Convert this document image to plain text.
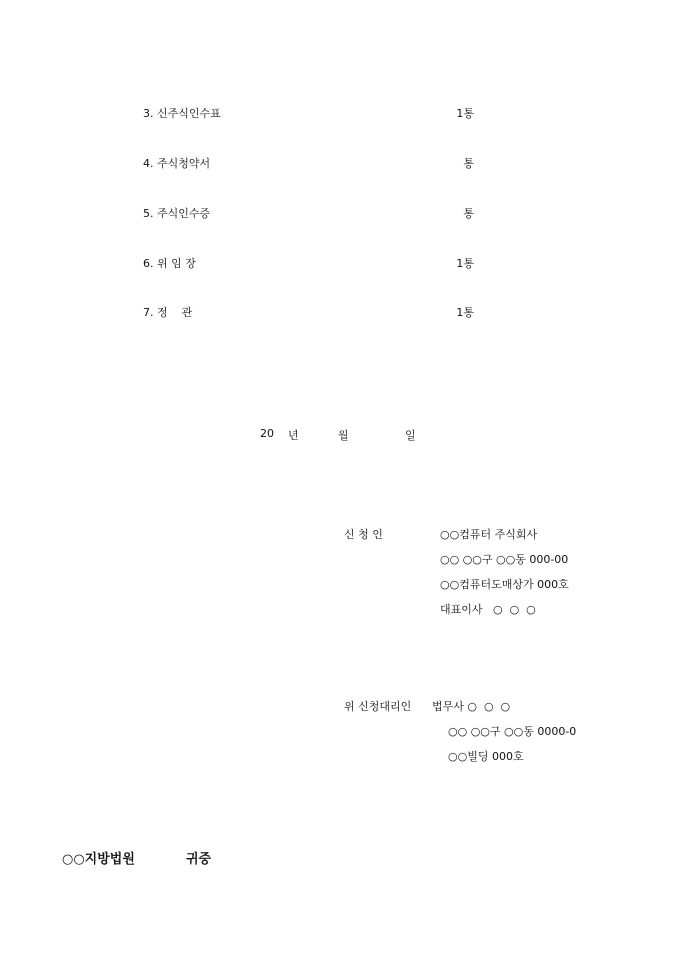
3. 신주식인수표	1통
4. 주식청약서	통
5. 주식인수증	통
6. 위 임 장	1통
7. 정    관	1통
20 년	월	일
신 청 인	○○컴퓨터 주식회사
○○ ○○구 ○○동 000-00
○○컴퓨터도매상가 000호
대표이사   ○  ○  ○
위 신청대리인 법무사 ○  ○  ○
○○ ○○구 ○○동 0000-0
○○빌딩 000호
○○지방법원	귀중
